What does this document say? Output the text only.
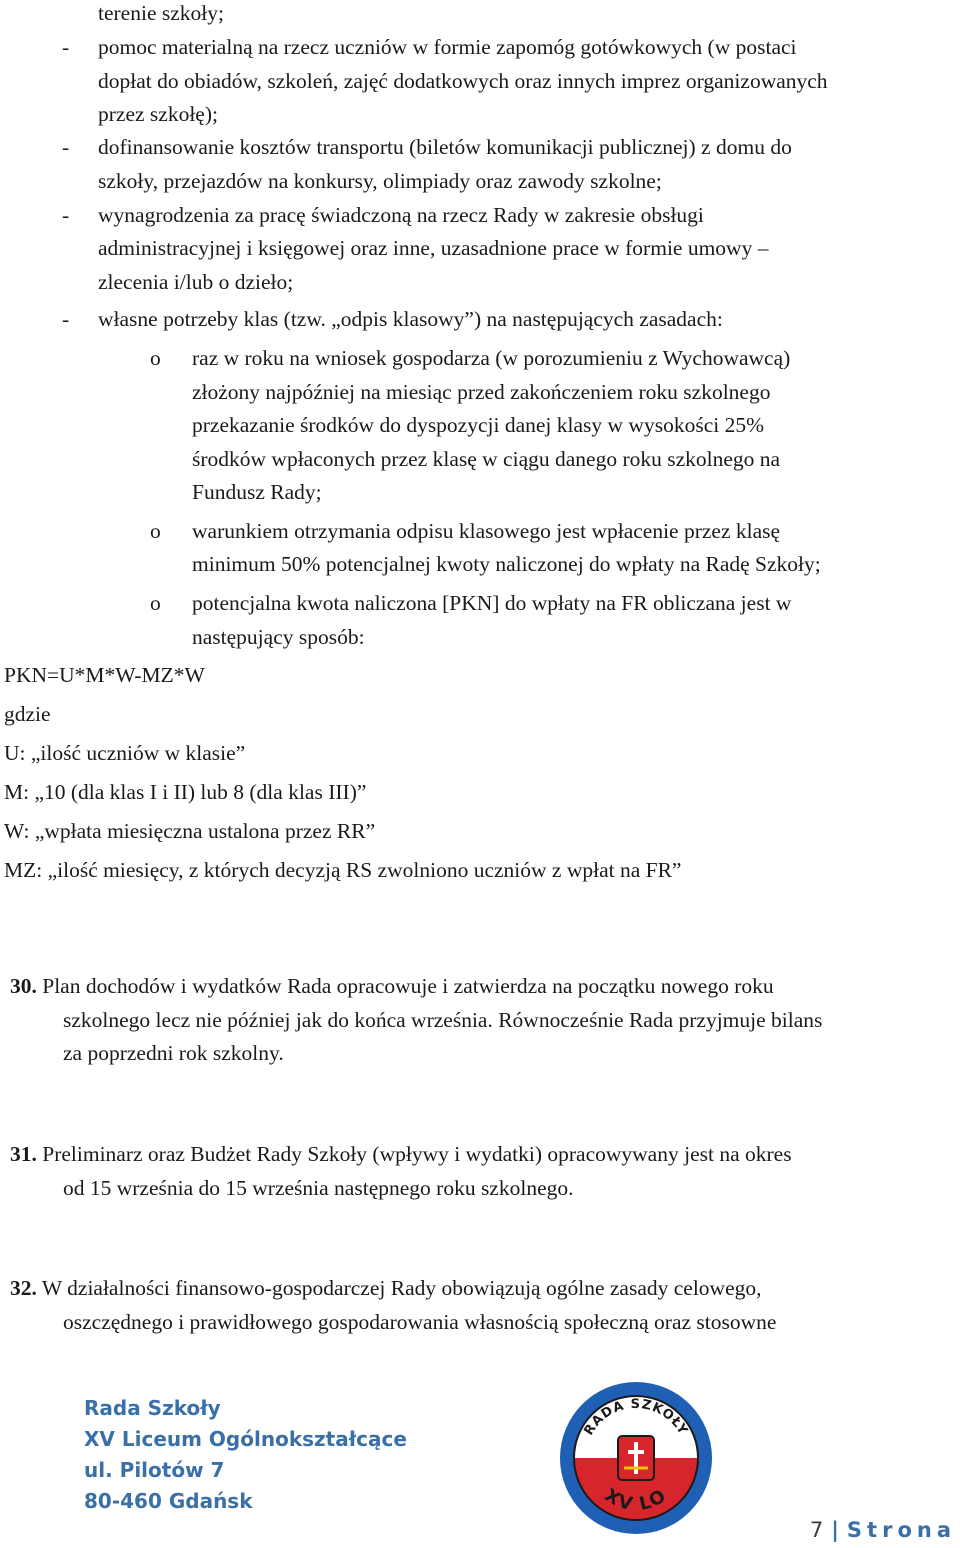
terenie szkoły;
- pomoc materialną na rzecz uczniów w formie zapomóg gotówkowych (w postaci
dopłat do obiadów, szkoleń, zajęć dodatkowych oraz innych imprez organizowanych
przez szkołę);
- dofinansowanie kosztów transportu (biletów komunikacji publicznej) z domu do
szkoły, przejazdów na konkursy, olimpiady oraz zawody szkolne;
- wynagrodzenia za pracę świadczoną na rzecz Rady w zakresie obsługi
administracyjnej i księgowej oraz inne, uzasadnione prace w formie umowy –
zlecenia i/lub o dzieło;
- własne potrzeby klas (tzw. „odpis klasowy”) na następujących zasadach:
o raz w roku na wniosek gospodarza (w porozumieniu z Wychowawcą)
złożony najpóźniej na miesiąc przed zakończeniem roku szkolnego
przekazanie środków do dyspozycji danej klasy w wysokości 25%
środków wpłaconych przez klasę w ciągu danego roku szkolnego na
Fundusz Rady;
o warunkiem otrzymania odpisu klasowego jest wpłacenie przez klasę
minimum 50% potencjalnej kwoty naliczonej do wpłaty na Radę Szkoły;
o potencjalna kwota naliczona [PKN] do wpłaty na FR obliczana jest w
następujący sposób:
PKN=U*M*W-MZ*W
gdzie
U: „ilość uczniów w klasie”
M: „10 (dla klas I i II) lub 8 (dla klas III)”
W: „wpłata miesięczna ustalona przez RR”
MZ: „ilość miesięcy, z których decyzją RS zwolniono uczniów z wpłat na FR”
30. Plan dochodów i wydatków Rada opracowuje i zatwierdza na początku nowego roku
szkolnego lecz nie później jak do końca września. Równocześnie Rada przyjmuje bilans
za poprzedni rok szkolny.
31. Preliminarz oraz Budżet Rady Szkoły (wpływy i wydatki) opracowywany jest na okres
od 15 września do 15 września następnego roku szkolnego.
32. W działalności finansowo-gospodarczej Rady obowiązują ogólne zasady celowego,
oszczędnego i prawidłowego gospodarowania własnością społeczną oraz stosowne
Rada Szkoły
XV Liceum Ogólnokształcące
ul. Pilotów 7
80-460 Gdańsk
RADA SZKOŁY
XV LO
7 | Strona
